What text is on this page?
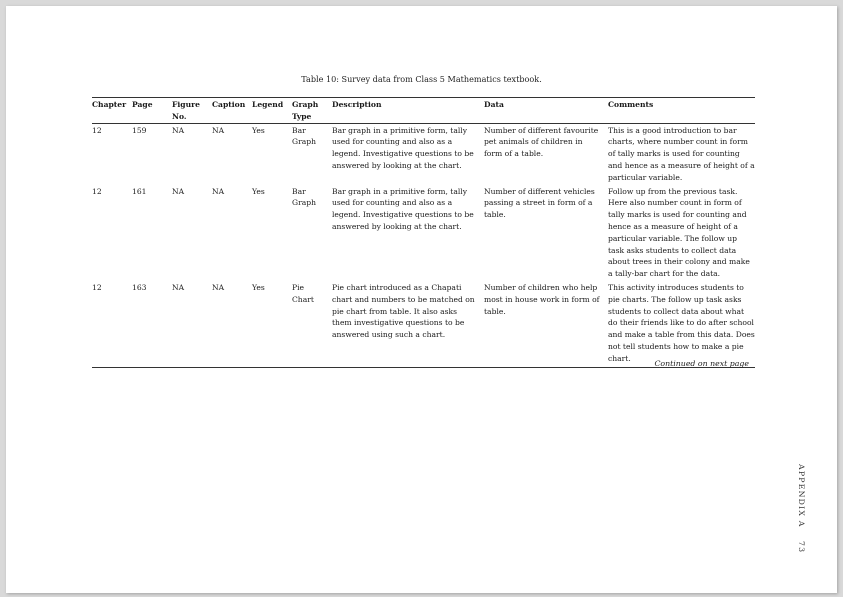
Table 10: Survey data from Class 5 Mathematics textbook.
Chapter	Page	Figure No.	Caption	Legend	Graph Type	Description	Data	Comments
12	159	NA	NA	Yes	Bar Graph	Bar graph in a primitive form, tally used for counting and also as a legend. Investigative questions to be answered by looking at the chart.	Number of different favourite pet animals of children in form of a table.	This is a good introduction to bar charts, where number count in form of tally marks is used for counting and hence as a measure of height of a particular variable.
12	161	NA	NA	Yes	Bar Graph	Bar graph in a primitive form, tally used for counting and also as a legend. Investigative questions to be answered by looking at the chart.	Number of different vehicles passing a street in form of a table.	Follow up from the previous task. Here also number count in form of tally marks is used for counting and hence as a measure of height of a particular variable. The follow up task asks students to collect data about trees in their colony and make a tally-bar chart for the data.
12	163	NA	NA	Yes	Pie Chart	Pie chart introduced as a Chapati chart and numbers to be matched on pie chart from table. It also asks them investigative questions to be answered using such a chart.	Number of children who help most in house work in form of table.	This activity introduces students to pie charts. The follow up task asks students to collect data about what do their friends like to do after school and make a table from this data. Does not tell students how to make a pie chart.
Continued on next page
APPENDIX A 73
